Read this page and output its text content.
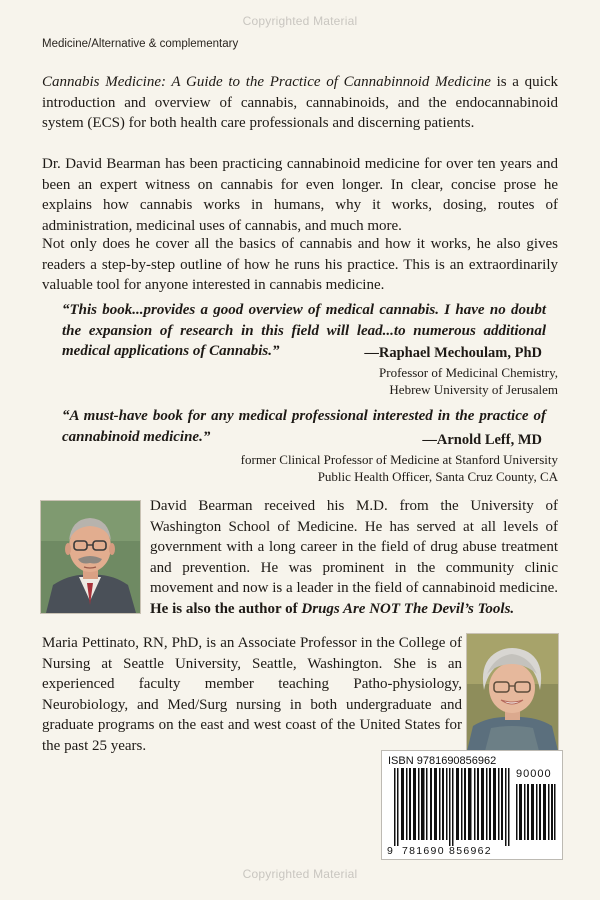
Copyrighted Material
Medicine/Alternative & complementary

Cannabis Medicine: A Guide to the Practice of Cannabinnoid Medicine is a quick introduction and overview of cannabis, cannabinoids, and the endocannabinoid system (ECS) for both health care professionals and discerning patients.

Dr. David Bearman has been practicing cannabinoid medicine for over ten years and been an expert witness on cannabis for even longer. In clear, concise prose he explains how cannabis works in humans, why it works, dosing, routes of administration, medicinal uses of cannabis, and much more.

Not only does he cover all the basics of cannabis and how it works, he also gives readers a step-by-step outline of how he runs his practice. This is an extraordinarily valuable tool for anyone interested in cannabis medicine.

“This book...provides a good overview of medical cannabis. I have no doubt the expansion of research in this field will lead...to numerous additional medical applications of Cannabis.”	—Raphael Mechoulam, PhD
Professor of Medicinal Chemistry,
Hebrew University of Jerusalem

“A must-have book for any medical professional interested in the practice of cannabinoid medicine.”	—Arnold Leff, MD
former Clinical Professor of Medicine at Stanford University
Public Health Officer, Santa Cruz County, CA

David Bearman received his M.D. from the University of Washington School of Medicine. He has served at all levels of government with a long career in the field of drug abuse treatment and prevention. He was prominent in the community clinic movement and now is a leader in the field of cannabinoid medicine. He is also the author of Drugs Are NOT The Devil’s Tools.

Maria Pettinato, RN, PhD, is an Associate Professor in the College of Nursing at Seattle University, Seattle, Washington. She is an experienced faculty member teaching Patho-physiology, Neurobiology, and Med/Surg nursing in both undergraduate and graduate programs on the east and west coast of the United States for the past 25 years.

ISBN 9781690856962
90000
9 781690 856962
Copyrighted Material
